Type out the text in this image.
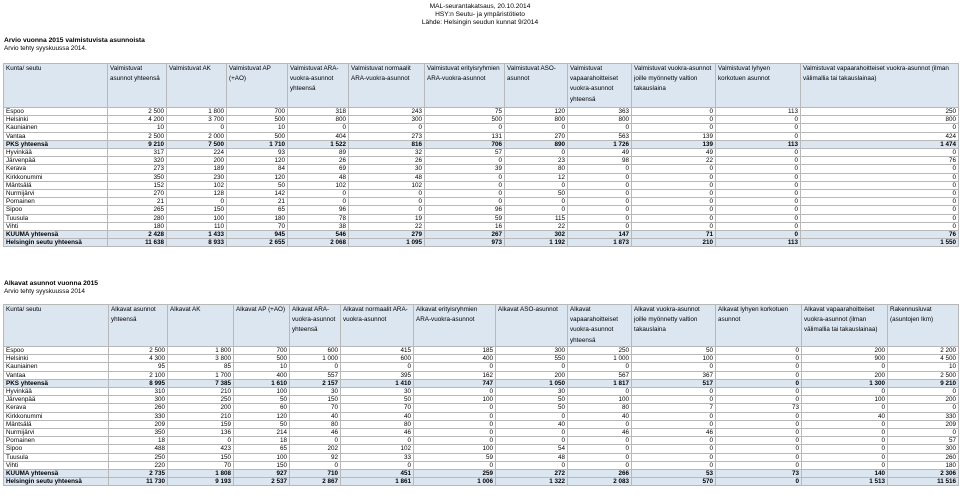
MAL-seurantakatsaus, 20.10.2014
HSY:n Seutu- ja ympäristötieto
Lähde: Helsingin seudun kunnat 9/2014
Arvio vuonna 2015 valmistuvista asunnoista
Arvio tehty syyskuussa 2014.
Kunta/ seutu	Valmistuvat asunnot yhteensä	Valmistuvat AK	Valmistuvat AP (+AO)	Valmistuvat ARA-vuokra-asunnot yhteensä	Valmistuvat normaalit ARA-vuokra-asunnot	Valmistuvat erityisryhmien ARA-vuokra-asunnot	Valmistuvat ASO-asunnot	Valmistuvat vapaarahoitteiset vuokra-asunnot yhteensä	Valmistuvat vuokra-asunnot joille myönnetty valtion takauslaina	Valmistuvat lyhyen korkotuen asunnot	Valmistuvat vapaarahoitteiset vuokra-asunnot (ilman välimallia tai takauslainaa)
Espoo	2 500	1 800	700	318	243	75	120	363	0	113	250
Helsinki	4 200	3 700	500	800	300	500	800	800	0	0	800
Kauniainen	10	0	10	0	0	0	0	0	0	0	0
Vantaa	2 500	2 000	500	404	273	131	270	563	139	0	424
PKS yhteensä	9 210	7 500	1 710	1 522	816	706	890	1 726	139	113	1 474
Hyvinkää	317	224	93	89	32	57	0	49	49	0	0
Järvenpää	320	200	120	26	26	0	23	98	22	0	76
Kerava	273	189	84	69	30	39	80	0	0	0	0
Kirkkonummi	350	230	120	48	48	0	12	0	0	0	0
Mäntsälä	152	102	50	102	102	0	0	0	0	0	0
Nurmijärvi	270	128	142	0	0	0	50	0	0	0	0
Pornainen	21	0	21	0	0	0	0	0	0	0	0
Sipoo	265	150	65	96	0	96	0	0	0	0	0
Tuusula	280	100	180	78	19	59	115	0	0	0	0
Vihti	180	110	70	38	22	16	22	0	0	0	0
KUUMA yhteensä	2 428	1 433	945	546	279	267	302	147	71	0	76
Helsingin seutu yhteensä	11 638	8 933	2 655	2 068	1 095	973	1 192	1 873	210	113	1 550
Alkavat asunnot vuonna 2015
Arvio tehty syyskuussa 2014
Kunta/ seutu	Alkavat asunnot yhteensä	Alkavat AK	Alkavat AP (+AO)	Alkavat ARA-vuokra-asunnot yhteensä	Alkavat normaalit ARA-vuokra-asunnot	Alkavat erityisryhmien ARA-vuokra-asunnot	Alkavat ASO-asunnot	Alkavat vapaarahoitteiset vuokra-asunnot yhteensä	Alkavat vuokra-asunnot joille myönnetty valtion takauslaina	Alkavat lyhyen korkotuen asunnot	Alkavat vapaarahoitteiset vuokra-asunnot (ilman välimallia tai takauslainaa)	Rakennusluvat (asuntojen lkm)
Espoo	2 500	1 800	700	600	415	185	300	250	50	0	200	2 200
Helsinki	4 300	3 800	500	1 000	600	400	550	1 000	100	0	900	4 500
Kauniainen	95	85	10	0	0	0	0	0	0	0	0	10
Vantaa	2 100	1 700	400	557	395	162	200	567	367	0	200	2 500
PKS yhteensä	8 995	7 385	1 610	2 157	1 410	747	1 050	1 817	517	0	1 300	9 210
Hyvinkää	310	210	100	30	30	0	30	0	0	0	0	0
Järvenpää	300	250	50	150	50	100	50	100	0	0	100	200
Kerava	260	200	60	70	70	0	50	80	7	73	0	0
Kirkkonummi	330	210	120	40	40	0	0	40	0	0	40	330
Mäntsälä	209	159	50	80	80	0	40	0	0	0	0	209
Nurmijärvi	350	136	214	46	46	0	0	46	46	0	0	0
Pornainen	18	0	18	0	0	0	0	0	0	0	0	57
Sipoo	488	423	65	202	102	100	54	0	0	0	0	300
Tuusula	250	150	100	92	33	59	48	0	0	0	0	260
Vihti	220	70	150	0	0	0	0	0	0	0	0	180
KUUMA yhteensä	2 735	1 808	927	710	451	259	272	266	53	73	140	2 306
Helsingin seutu yhteensä	11 730	9 193	2 537	2 867	1 861	1 006	1 322	2 083	570	0	1 513	11 516
